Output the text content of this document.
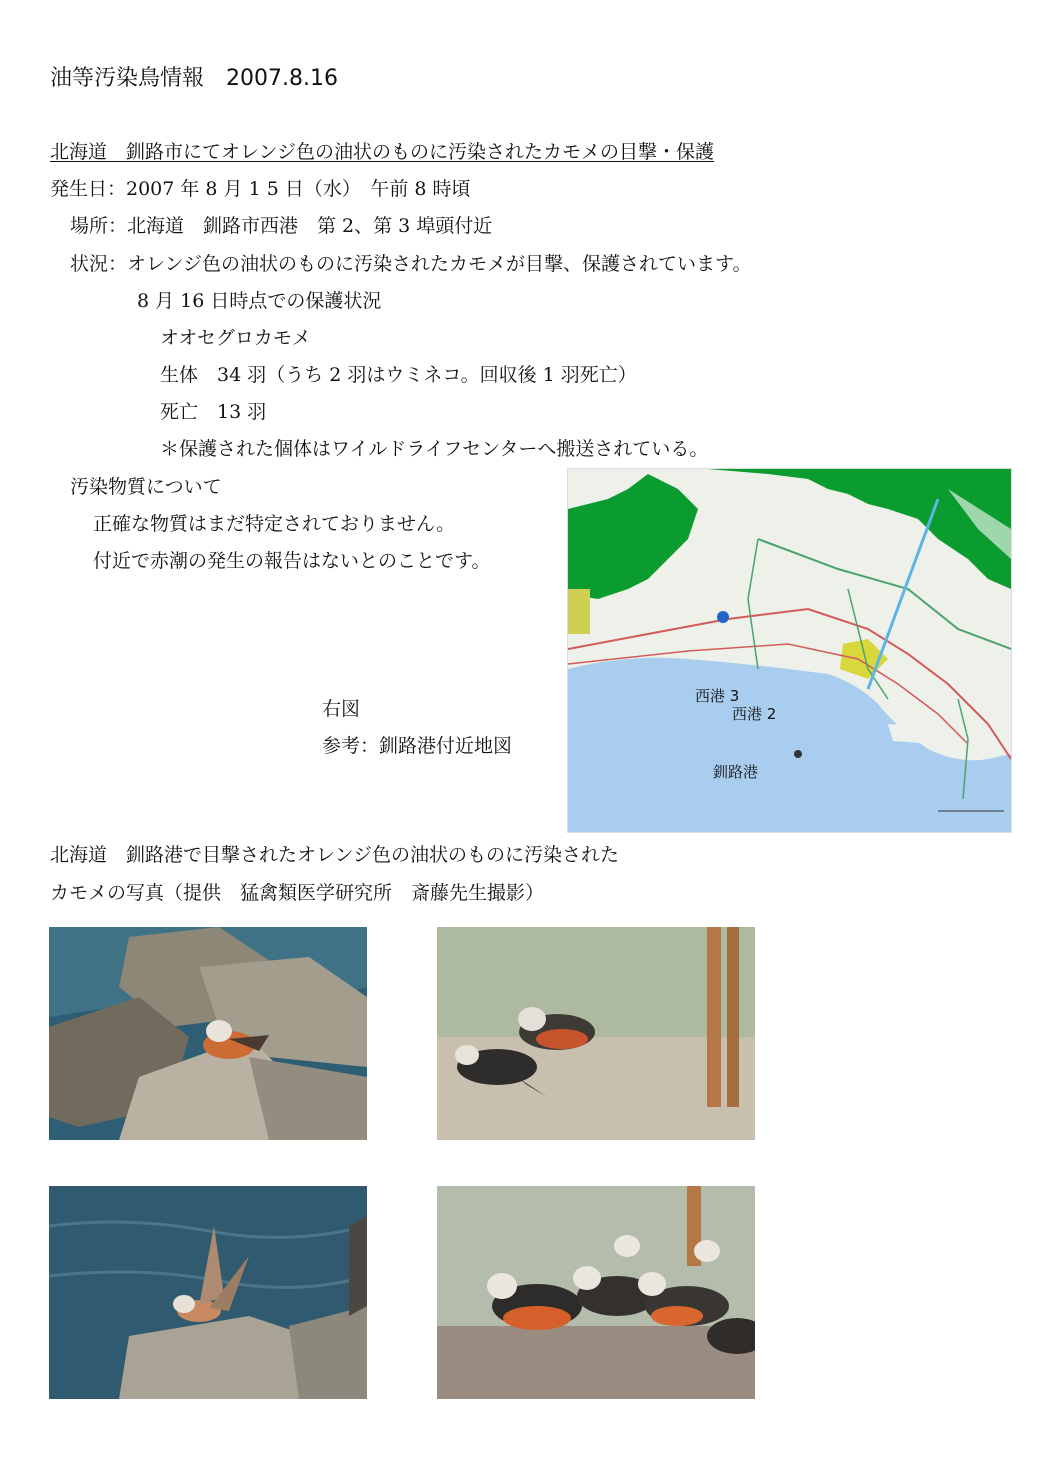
油等汚染鳥情報　2007.8.16
北海道　釧路市にてオレンジ色の油状のものに汚染されたカモメの目撃・保護
発生日：2007 年 8 月 1 5 日（水）　午前 8 時頃
場所：北海道　釧路市西港　第 2、第 3 埠頭付近
状況：オレンジ色の油状のものに汚染されたカモメが目撃、保護されています。
8 月 16 日時点での保護状況
オオセグロカモメ
生体　34 羽（うち 2 羽はウミネコ。回収後 1 羽死亡）
死亡　13 羽
＊保護された個体はワイルドライフセンターへ搬送されている。
汚染物質について
正確な物質はまだ特定されておりません。
付近で赤潮の発生の報告はないとのことです。
右図
参考：釧路港付近地図
西港 3
西港 2
釧路港
北海道　釧路港で目撃されたオレンジ色の油状のものに汚染された
カモメの写真（提供　猛禽類医学研究所　斎藤先生撮影）
